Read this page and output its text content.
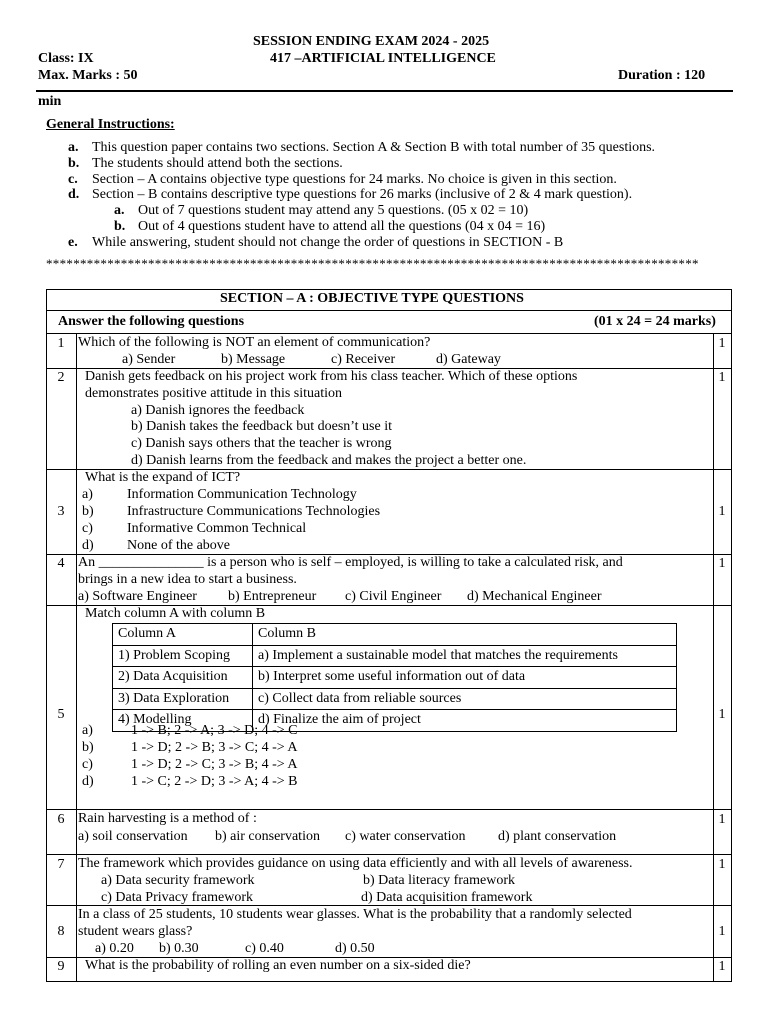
SESSION ENDING EXAM 2024 - 2025
Class: IX	417 –ARTIFICIAL INTELLIGENCE
Max. Marks : 50	Duration : 120
min
General Instructions:
a. This question paper contains two sections. Section A & Section B with total number of 35 questions.
b. The students should attend both the sections.
c. Section – A contains objective type questions for 24 marks. No choice is given in this section.
d. Section – B contains descriptive type questions for 26 marks (inclusive of 2 & 4 mark question).
a. Out of 7 questions student may attend any 5 questions. (05 x 02 = 10)
b. Out of 4 questions student have to attend all the questions (04 x 04 = 16)
e. While answering, student should not change the order of questions in SECTION - B
************************************************************************************************
SECTION – A : OBJECTIVE TYPE QUESTIONS
Answer the following questions	(01 x 24 = 24 marks)
1	1
Which of the following is NOT an element of communication?
a) Sender	b) Message	c) Receiver	d) Gateway
2	1
Danish gets feedback on his project work from his class teacher. Which of these options
demonstrates positive attitude in this situation
a) Danish ignores the feedback
b) Danish takes the feedback but doesn’t use it
c) Danish says others that the teacher is wrong
d) Danish learns from the feedback and makes the project a better one.
3	1
What is the expand of ICT?
a) Information Communication Technology
b) Infrastructure Communications Technologies
c) Informative Common Technical
d) None of the above
4	1
An _______________ is a person who is self – employed, is willing to take a calculated risk, and
brings in a new idea to start a business.
a) Software Engineer b) Entrepreneur c) Civil Engineer d) Mechanical Engineer
5	1
Match column A with column B
Column A	Column B
1) Problem Scoping	a) Implement a sustainable model that matches the requirements
2) Data Acquisition	b) Interpret some useful information out of data
3) Data Exploration	c) Collect data from reliable sources
4) Modelling	d) Finalize the aim of project
a)	1 -> B; 2 -> A; 3 -> D; 4 -> C
b)	1 -> D; 2 -> B; 3 -> C; 4 -> A
c)	1 -> D; 2 -> C; 3 -> B; 4 -> A
d)	1 -> C; 2 -> D; 3 -> A; 4 -> B
6	1
Rain harvesting is a method of :
a) soil conservation b) air conservation c) water conservation d) plant conservation
7	1
The framework which provides guidance on using data efficiently and with all levels of awareness.
a) Data security framework	b) Data literacy framework
c) Data Privacy framework	d) Data acquisition framework
8	1
In a class of 25 students, 10 students wear glasses. What is the probability that a randomly selected
student wears glass?
a) 0.20 b) 0.30	c) 0.40	d) 0.50
9	1
What is the probability of rolling an even number on a six-sided die?
